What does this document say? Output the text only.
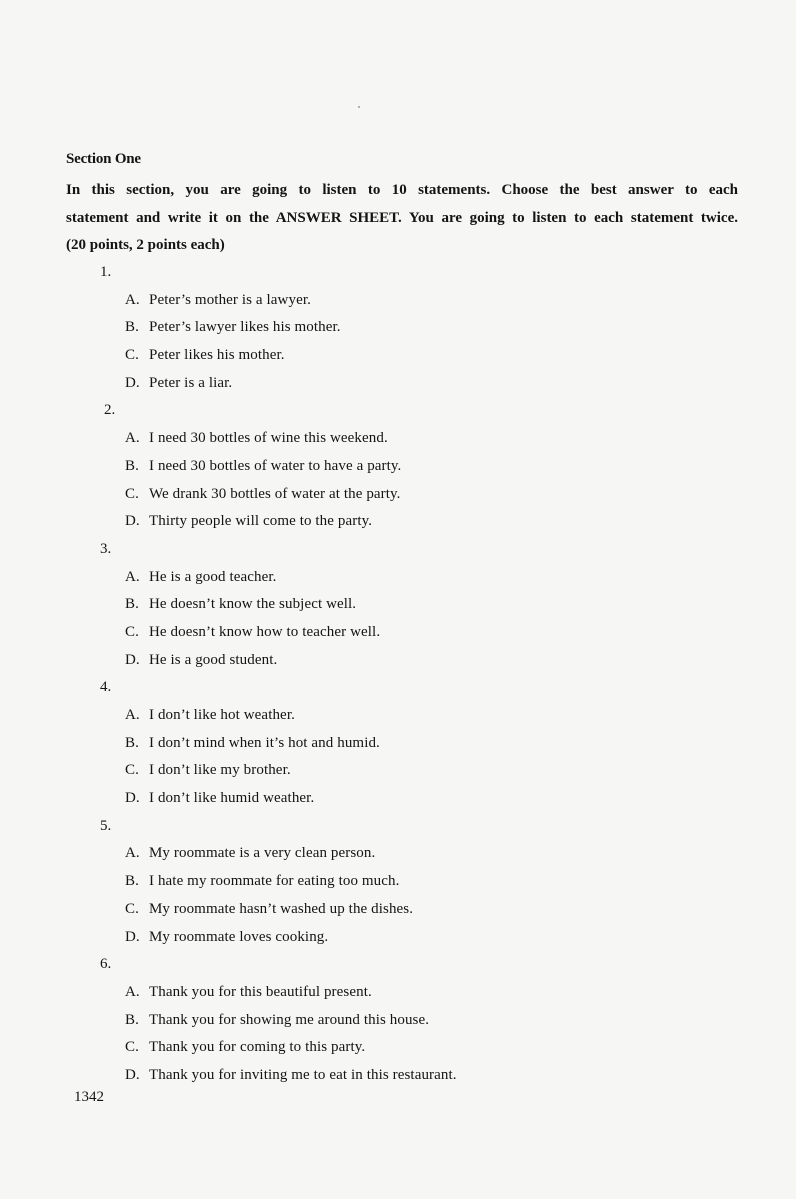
Section One
In this section, you are going to listen to 10 statements. Choose the best answer to each
statement and write it on the ANSWER SHEET. You are going to listen to each statement twice.
(20 points, 2 points each)
1.
A. Peter’s mother is a lawyer.
B. Peter’s lawyer likes his mother.
C. Peter likes his mother.
D. Peter is a liar.
2.
A. I need 30 bottles of wine this weekend.
B. I need 30 bottles of water to have a party.
C. We drank 30 bottles of water at the party.
D. Thirty people will come to the party.
3.
A. He is a good teacher.
B. He doesn’t know the subject well.
C. He doesn’t know how to teacher well.
D. He is a good student.
4.
A. I don’t like hot weather.
B. I don’t mind when it’s hot and humid.
C. I don’t like my brother.
D. I don’t like humid weather.
5.
A. My roommate is a very clean person.
B. I hate my roommate for eating too much.
C. My roommate hasn’t washed up the dishes.
D. My roommate loves cooking.
6.
A. Thank you for this beautiful present.
B. Thank you for showing me around this house.
C. Thank you for coming to this party.
D. Thank you for inviting me to eat in this restaurant.
1342
